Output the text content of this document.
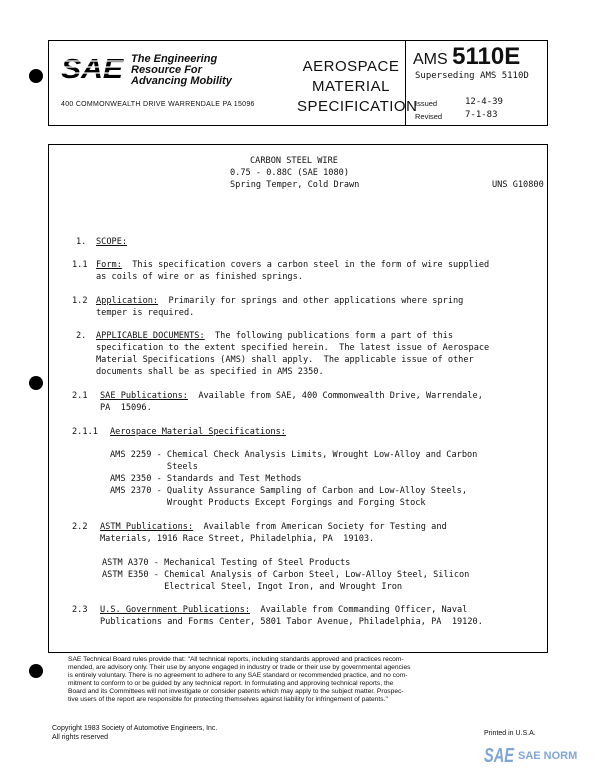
SAE The Engineering
Resource For
Advancing Mobility
400 COMMONWEALTH DRIVE WARRENDALE PA 15096
AEROSPACE
MATERIAL
SPECIFICATION
AMS 5110E
Superseding AMS 5110D
Issued
Revised
12-4-39
7-1-83
CARBON STEEL WIRE
0.75 - 0.88C (SAE 1080)
Spring Temper, Cold Drawn	UNS G10800
1. SCOPE:
1.1 Form:  This specification covers a carbon steel in the form of wire supplied
as coils of wire or as finished springs.
1.2 Application:  Primarily for springs and other applications where spring
temper is required.
2. APPLICABLE DOCUMENTS:  The following publications form a part of this
specification to the extent specified herein.  The latest issue of Aerospace
Material Specifications (AMS) shall apply.  The applicable issue of other
documents shall be as specified in AMS 2350.
2.1 SAE Publications:  Available from SAE, 400 Commonwealth Drive, Warrendale,
PA  15096.
2.1.1 Aerospace Material Specifications:
AMS 2259 - Chemical Check Analysis Limits, Wrought Low-Alloy and Carbon
Steels
AMS 2350 - Standards and Test Methods
AMS 2370 - Quality Assurance Sampling of Carbon and Low-Alloy Steels,
Wrought Products Except Forgings and Forging Stock
2.2 ASTM Publications:  Available from American Society for Testing and
Materials, 1916 Race Street, Philadelphia, PA  19103.
ASTM A370 - Mechanical Testing of Steel Products
ASTM E350 - Chemical Analysis of Carbon Steel, Low-Alloy Steel, Silicon
Electrical Steel, Ingot Iron, and Wrought Iron
2.3 U.S. Government Publications:  Available from Commanding Officer, Naval
Publications and Forms Center, 5801 Tabor Avenue, Philadelphia, PA  19120.
SAE Technical Board rules provide that: "All technical reports, including standards approved and practices recom-
mended, are advisory only. Their use by anyone engaged in industry or trade or their use by governmental agencies
is entirely voluntary. There is no agreement to adhere to any SAE standard or recommended practice, and no com-
mitment to conform to or be guided by any technical report. In formulating and approving technical reports, the
Board and its Committees will not investigate or consider patents which may apply to the subject matter. Prospec-
tive users of the report are responsible for protecting themselves against liability for infringement of patents."
Copyright 1983 Society of Automotive Engineers, Inc.
All rights reserved
Printed in U.S.A.
SAE SAE NORM
